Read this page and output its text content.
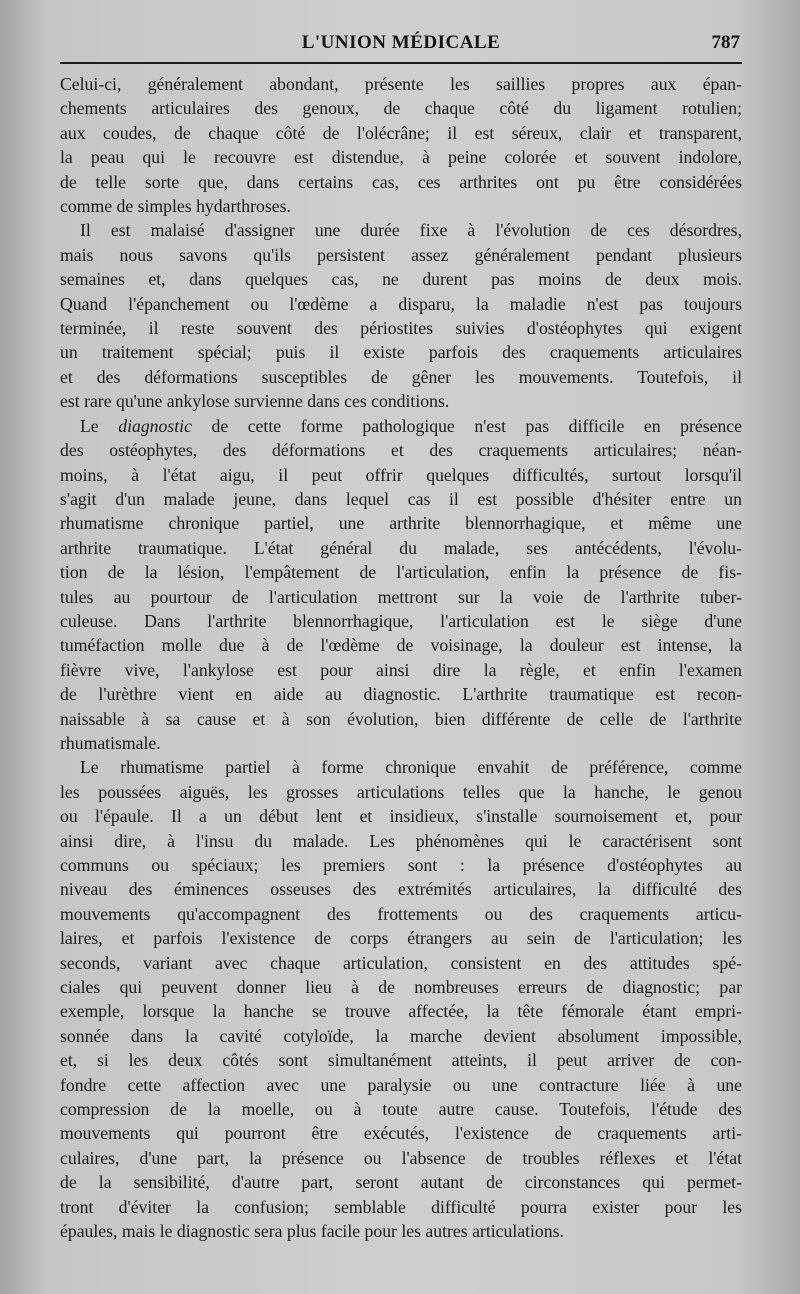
L'UNION MÉDICALE	787
Celui-ci, généralement abondant, présente les saillies propres aux épan-
chements articulaires des genoux, de chaque côté du ligament rotulien;
aux coudes, de chaque côté de l'olécrâne; il est séreux, clair et transparent,
la peau qui le recouvre est distendue, à peine colorée et souvent indolore,
de telle sorte que, dans certains cas, ces arthrites ont pu être considérées
comme de simples hydarthroses.
Il est malaisé d'assigner une durée fixe à l'évolution de ces désordres,
mais nous savons qu'ils persistent assez généralement pendant plusieurs
semaines et, dans quelques cas, ne durent pas moins de deux mois.
Quand l'épanchement ou l'œdème a disparu, la maladie n'est pas toujours
terminée, il reste souvent des périostites suivies d'ostéophytes qui exigent
un traitement spécial; puis il existe parfois des craquements articulaires
et des déformations susceptibles de gêner les mouvements. Toutefois, il
est rare qu'une ankylose survienne dans ces conditions.
Le diagnostic de cette forme pathologique n'est pas difficile en présence
des ostéophytes, des déformations et des craquements articulaires; néan-
moins, à l'état aigu, il peut offrir quelques difficultés, surtout lorsqu'il
s'agit d'un malade jeune, dans lequel cas il est possible d'hésiter entre un
rhumatisme chronique partiel, une arthrite blennorrhagique, et même une
arthrite traumatique. L'état général du malade, ses antécédents, l'évolu-
tion de la lésion, l'empâtement de l'articulation, enfin la présence de fis-
tules au pourtour de l'articulation mettront sur la voie de l'arthrite tuber-
culeuse. Dans l'arthrite blennorrhagique, l'articulation est le siège d'une
tuméfaction molle due à de l'œdème de voisinage, la douleur est intense, la
fièvre vive, l'ankylose est pour ainsi dire la règle, et enfin l'examen
de l'urèthre vient en aide au diagnostic. L'arthrite traumatique est recon-
naissable à sa cause et à son évolution, bien différente de celle de l'arthrite
rhumatismale.
Le rhumatisme partiel à forme chronique envahit de préférence, comme
les poussées aiguës, les grosses articulations telles que la hanche, le genou
ou l'épaule. Il a un début lent et insidieux, s'installe sournoisement et, pour
ainsi dire, à l'insu du malade. Les phénomènes qui le caractérisent sont
communs ou spéciaux; les premiers sont : la présence d'ostéophytes au
niveau des éminences osseuses des extrémités articulaires, la difficulté des
mouvements qu'accompagnent des frottements ou des craquements articu-
laires, et parfois l'existence de corps étrangers au sein de l'articulation; les
seconds, variant avec chaque articulation, consistent en des attitudes spé-
ciales qui peuvent donner lieu à de nombreuses erreurs de diagnostic; par
exemple, lorsque la hanche se trouve affectée, la tête fémorale étant empri-
sonnée dans la cavité cotyloïde, la marche devient absolument impossible,
et, si les deux côtés sont simultanément atteints, il peut arriver de con-
fondre cette affection avec une paralysie ou une contracture liée à une
compression de la moelle, ou à toute autre cause. Toutefois, l'étude des
mouvements qui pourront être exécutés, l'existence de craquements arti-
culaires, d'une part, la présence ou l'absence de troubles réflexes et l'état
de la sensibilité, d'autre part, seront autant de circonstances qui permet-
tront d'éviter la confusion; semblable difficulté pourra exister pour les
épaules, mais le diagnostic sera plus facile pour les autres articulations.
